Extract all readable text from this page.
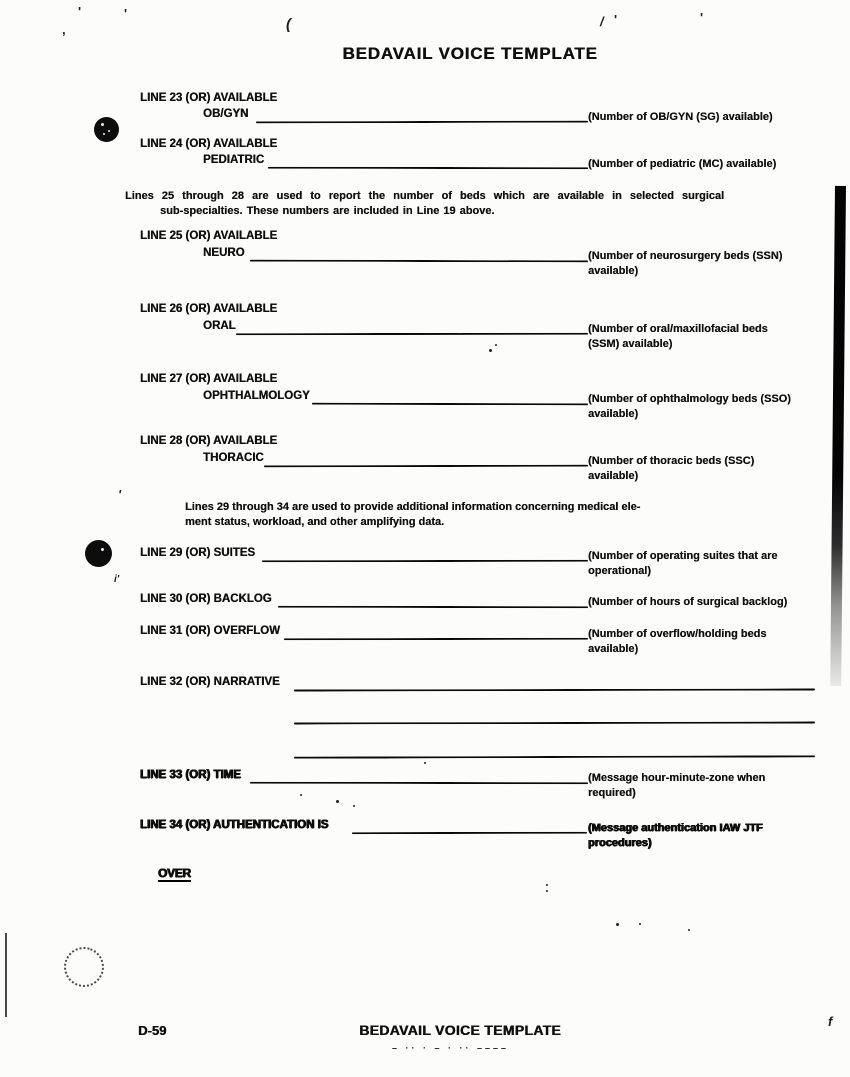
BEDAVAIL VOICE TEMPLATE
LINE 23 (OR) AVAILABLE
OB/GYN	(Number of OB/GYN (SG) available)
LINE 24 (OR) AVAILABLE
PEDIATRIC	(Number of pediatric (MC) available)
Lines 25 through 28 are used to report the number of beds which are available in selected surgical
sub-specialties. These numbers are included in Line 19 above.
LINE 25 (OR) AVAILABLE
NEURO	(Number of neurosurgery beds (SSN)
available)
LINE 26 (OR) AVAILABLE
ORAL	(Number of oral/maxillofacial beds
(SSM) available)
LINE 27 (OR) AVAILABLE
OPHTHALMOLOGY	(Number of ophthalmology beds (SSO)
available)
LINE 28 (OR) AVAILABLE
THORACIC	(Number of thoracic beds (SSC)
available)
Lines 29 through 34 are used to provide additional information concerning medical ele-
ment status, workload, and other amplifying data.
LINE 29 (OR) SUITES	(Number of operating suites that are
operational)
LINE 30 (OR) BACKLOG	(Number of hours of surgical backlog)
LINE 31 (OR) OVERFLOW	(Number of overflow/holding beds
available)
LINE 32 (OR) NARRATIVE
LINE 33 (OR) TIME	(Message hour-minute-zone when
required)
LINE 34 (OR) AUTHENTICATION IS	(Message authentication IAW JTF
procedures)
OVER
D-59	BEDAVAIL VOICE TEMPLATE
– ·· · – · ·· ––––
'	'
,	(	/ '	'
'
i'
f
